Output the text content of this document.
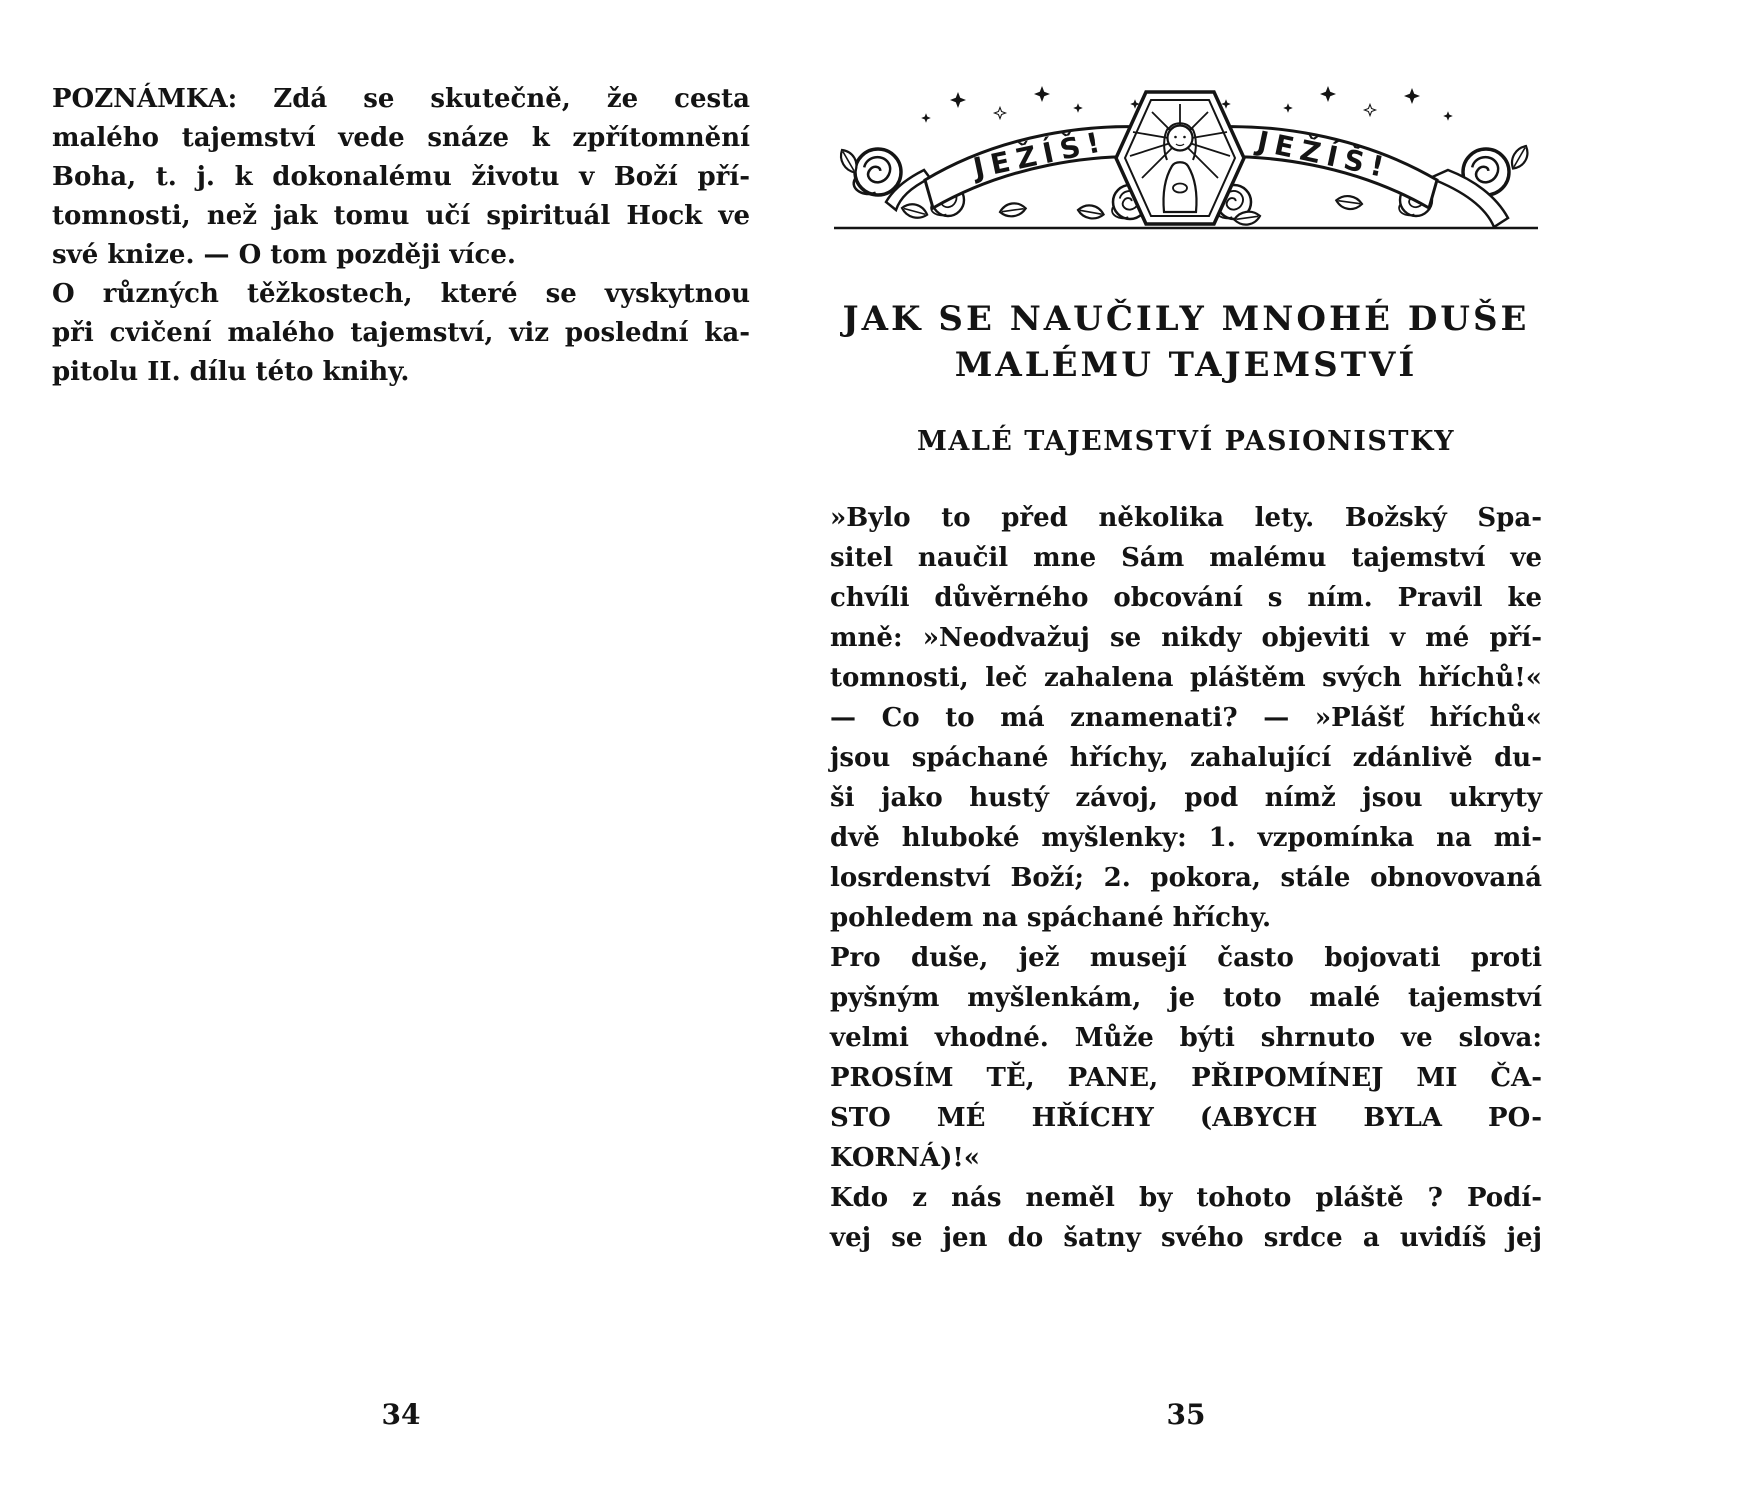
POZNÁMKA: Zdá se skutečně, že cesta
malého tajemství vede snáze k zpřítomnění
Boha, t. j. k dokonalému životu v Boží pří-
tomnosti, než jak tomu učí spirituál Hock ve
své knize. — O tom později více.
O různých těžkostech, které se vyskytnou
při cvičení malého tajemství, viz poslední ka-
pitolu II. dílu této knihy.
JEŽÍŠ!	JEŽÍŠ!
JAK SE NAUČILY MNOHÉ DUŠE
MALÉMU TAJEMSTVÍ
MALÉ TAJEMSTVÍ PASIONISTKY
»Bylo to před několika lety. Božský Spa-
sitel naučil mne Sám malému tajemství ve
chvíli důvěrného obcování s ním. Pravil ke
mně: »Neodvažuj se nikdy objeviti v mé pří-
tomnosti, leč zahalena pláštěm svých hříchů!«
— Co to má znamenati? — »Plášť hříchů«
jsou spáchané hříchy, zahalující zdánlivě du-
ši jako hustý závoj, pod nímž jsou ukryty
dvě hluboké myšlenky: 1. vzpomínka na mi-
losrdenství Boží; 2. pokora, stále obnovovaná
pohledem na spáchané hříchy.
Pro duše, jež musejí často bojovati proti
pyšným myšlenkám, je toto malé tajemství
velmi vhodné. Může býti shrnuto ve slova:
PROSÍM TĚ, PANE, PŘIPOMÍNEJ MI ČA-
STO MÉ HŘÍCHY (ABYCH BYLA PO-
KORNÁ)!«
Kdo z nás neměl by tohoto pláště ? Podí-
vej se jen do šatny svého srdce a uvidíš jej
34	35
